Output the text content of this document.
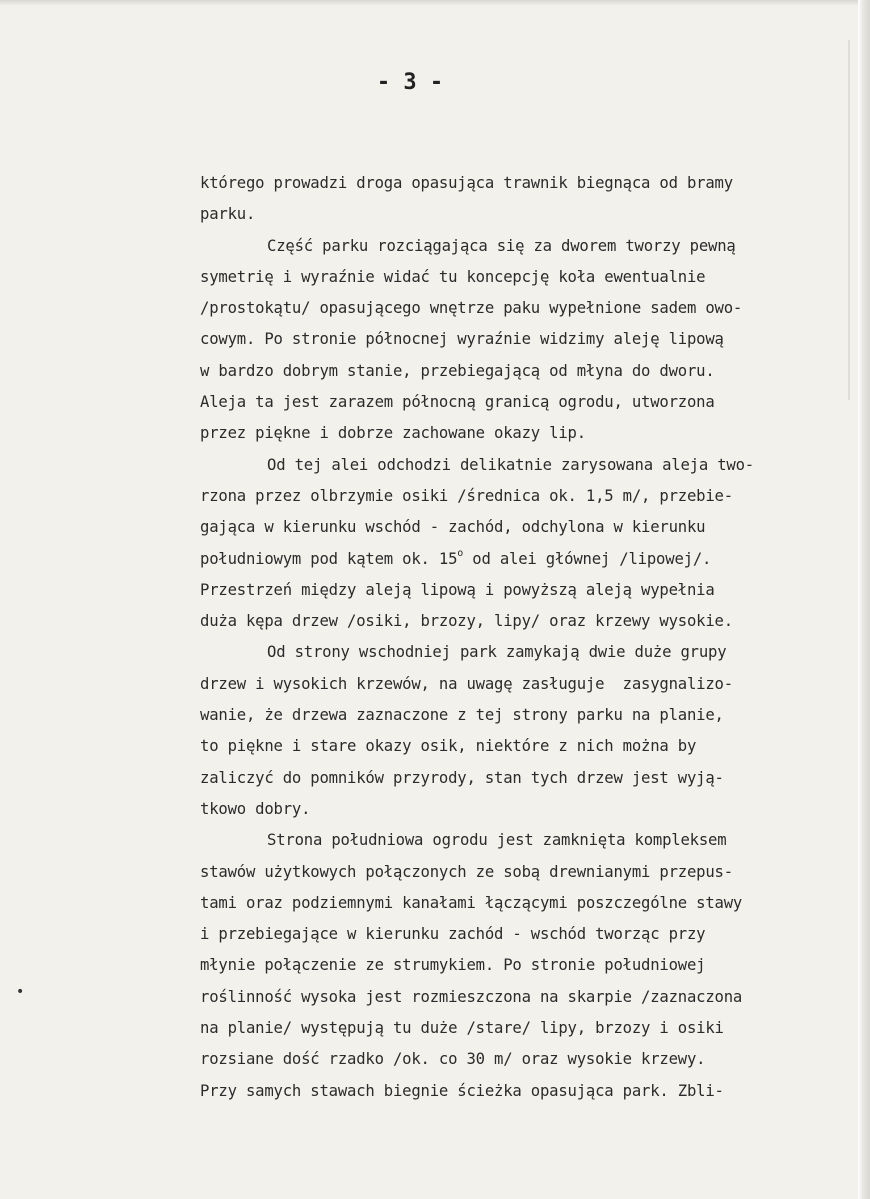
- 3 -
którego prowadzi droga opasująca trawnik biegnąca od bramy
parku.
Część parku rozciągająca się za dworem tworzy pewną
symetrię i wyraźnie widać tu koncepcję koła ewentualnie
/prostokątu/ opasującego wnętrze paku wypełnione sadem owo-
cowym. Po stronie północnej wyraźnie widzimy aleję lipową
w bardzo dobrym stanie, przebiegającą od młyna do dworu.
Aleja ta jest zarazem północną granicą ogrodu, utworzona
przez piękne i dobrze zachowane okazy lip.
Od tej alei odchodzi delikatnie zarysowana aleja two-
rzona przez olbrzymie osiki /średnica ok. 1,5 m/, przebie-
gająca w kierunku wschód - zachód, odchylona w kierunku
południowym pod kątem ok. 15$^o$ od alei głównej /lipowej/.
Przestrzeń między aleją lipową i powyższą aleją wypełnia
duża kępa drzew /osiki, brzozy, lipy/ oraz krzewy wysokie.
Od strony wschodniej park zamykają dwie duże grupy
drzew i wysokich krzewów, na uwagę zasługuje  zasygnalizo-
wanie, że drzewa zaznaczone z tej strony parku na planie,
to piękne i stare okazy osik, niektóre z nich można by
zaliczyć do pomników przyrody, stan tych drzew jest wyją-
tkowo dobry.
Strona południowa ogrodu jest zamknięta kompleksem
stawów użytkowych połączonych ze sobą drewnianymi przepus-
tami oraz podziemnymi kanałami łączącymi poszczególne stawy
i przebiegające w kierunku zachód - wschód tworząc przy
młynie połączenie ze strumykiem. Po stronie południowej
roślinność wysoka jest rozmieszczona na skarpie /zaznaczona
na planie/ występują tu duże /stare/ lipy, brzozy i osiki
rozsiane dość rzadko /ok. co 30 m/ oraz wysokie krzewy.
Przy samych stawach biegnie ścieżka opasująca park. Zbli-
•
